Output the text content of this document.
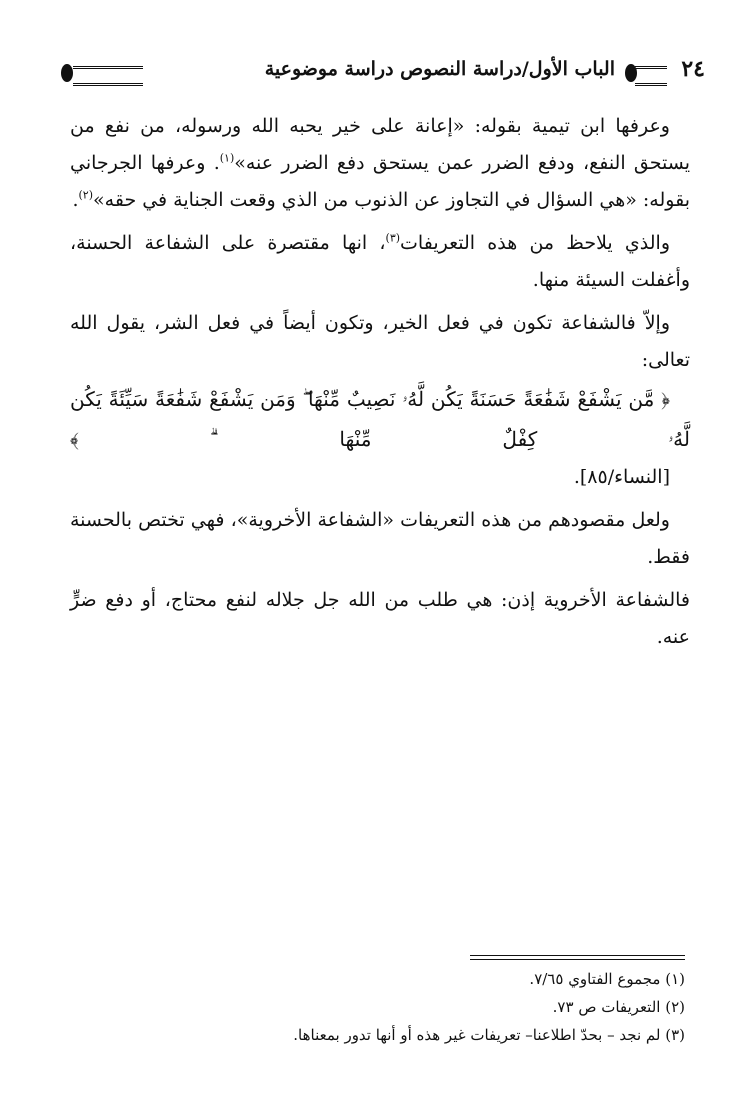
٢٤
الباب الأول/دراسة النصوص دراسة موضوعية

وعرفها ابن تيمية بقوله: «إعانة على خير يحبه الله ورسوله، من نفع من يستحق النفع، ودفع الضرر عمن يستحق دفع الضرر عنه»$^{(١)}$. وعرفها الجرجاني بقوله: «هي السؤال في التجاوز عن الذنوب من الذي وقعت الجناية في حقه»$^{(٢)}$.

والذي يلاحظ من هذه التعريفات$^{(٣)}$، انها مقتصرة على الشفاعة الحسنة، وأغفلت السيئة منها.

وإلاّ فالشفاعة تكون في فعل الخير، وتكون أيضاً في فعل الشر، يقول الله تعالى:
﴿ مَّن يَشْفَعْ شَفَٰعَةً حَسَنَةً يَكُن لَّهُۥ نَصِيبٌ مِّنْهَا ۖ وَمَن يَشْفَعْ شَفَٰعَةً سَيِّئَةً يَكُن لَّهُۥ كِفْلٌ مِّنْهَا ۗ ﴾
[النساء/٨٥].

ولعل مقصودهم من هذه التعريفات «الشفاعة الأخروية»، فهي تختص بالحسنة فقط.

فالشفاعة الأخروية إذن: هي طلب من الله جل جلاله لنفع محتاج، أو دفع ضرٍّ عنه.

(١) مجموع الفتاوي ٧/٦٥.
(٢) التعريفات ص ٧٣.
(٣) لم نجد – بحدّ اطلاعنا– تعريفات غير هذه أو أنها تدور بمعناها.
